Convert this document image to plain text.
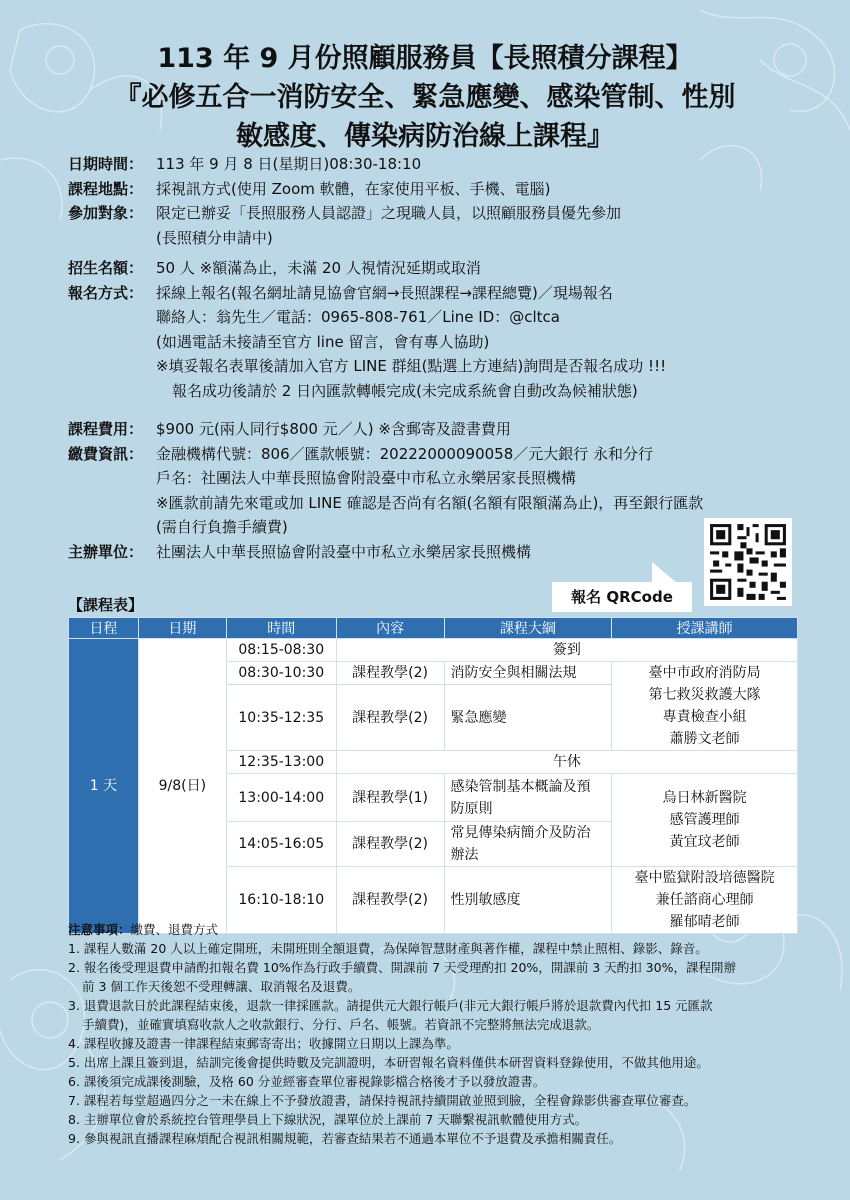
113 年 9 月份照顧服務員【長照積分課程】
『必修五合一消防安全、緊急應變、感染管制、性別
敏感度、傳染病防治線上課程』
日期時間： 113 年 9 月 8 日(星期日)08:30-18:10
課程地點： 採視訊方式(使用 Zoom 軟體，在家使用平板、手機、電腦)
參加對象： 限定已辦妥「長照服務人員認證」之現職人員，以照顧服務員優先參加
(長照積分申請中)
招生名額： 50 人 ※額滿為止，未滿 20 人視情況延期或取消
報名方式： 採線上報名(報名網址請見協會官網→長照課程→課程總覽)／現場報名
聯絡人：翁先生／電話：0965-808-761／Line ID：@cltca
(如遇電話未接請至官方 line 留言，會有專人協助)
※填妥報名表單後請加入官方 LINE 群組(點選上方連結)詢問是否報名成功 !!!
報名成功後請於 2 日內匯款轉帳完成(未完成系統會自動改為候補狀態)
課程費用： $900 元(兩人同行$800 元／人) ※含郵寄及證書費用
繳費資訊： 金融機構代號：806／匯款帳號：20222000090058／元大銀行 永和分行
戶名：社團法人中華長照協會附設臺中市私立永樂居家長照機構
※匯款前請先來電或加 LINE 確認是否尚有名額(名額有限額滿為止)，再至銀行匯款
(需自行負擔手續費)
主辦單位： 社團法人中華長照協會附設臺中市私立永樂居家長照機構
報名 QRCode
【課程表】
日程	日期	時間	內容	課程大綱	授課講師
1 天	9/8(日)	08:15-08:30	簽到		
		08:30-10:30	課程教學(2)	消防安全與相關法規	臺中市政府消防局
第七救災救護大隊
專責檢查小組
蕭勝文老師

		10:35-12:35	課程教學(2)	緊急應變	
		12:35-13:00	午休		
		13:00-14:00	課程教學(1)	感染管制基本概論及預防原則	烏日林新醫院
感管護理師
黃宜玟老師

		14:05-16:05	課程教學(2)	常見傳染病簡介及防治辦法	
		16:10-18:10	課程教學(2)	性別敏感度	臺中監獄附設培德醫院
兼任諮商心理師
羅郁晴老師
注意事項：繳費、退費方式
1. 課程人數滿 20 人以上確定開班，未開班則全額退費，為保障智慧財產與著作權，課程中禁止照相、錄影、錄音。
2. 報名後受理退費申請酌扣報名費 10%作為行政手續費、開課前 7 天受理酌扣 20%，開課前 3 天酌扣 30%，課程開辦
前 3 個工作天後恕不受理轉讓、取消報名及退費。
3. 退費退款日於此課程結束後，退款一律採匯款。請提供元大銀行帳戶(非元大銀行帳戶將於退款費內代扣 15 元匯款
手續費)，並確實填寫收款人之收款銀行、分行、戶名、帳號。若資訊不完整將無法完成退款。
4. 課程收據及證書一律課程結束郵寄寄出；收據開立日期以上課為準。
5. 出席上課且簽到退，結訓完後會提供時數及完訓證明，本研習報名資料僅供本研習資料登錄使用，不做其他用途。
6. 課後須完成課後測驗，及格 60 分並經審查單位審視錄影檔合格後才予以發放證書。
7. 課程若每堂超過四分之一未在線上不予發放證書，請保持視訊持續開啟並照到臉，全程會錄影供審查單位審查。
8. 主辦單位會於系統控台管理學員上下線狀況，課單位於上課前 7 天聯繫視訊軟體使用方式。
9. 參與視訊直播課程麻煩配合視訊相關規範，若審查結果若不通過本單位不予退費及承擔相關責任。
